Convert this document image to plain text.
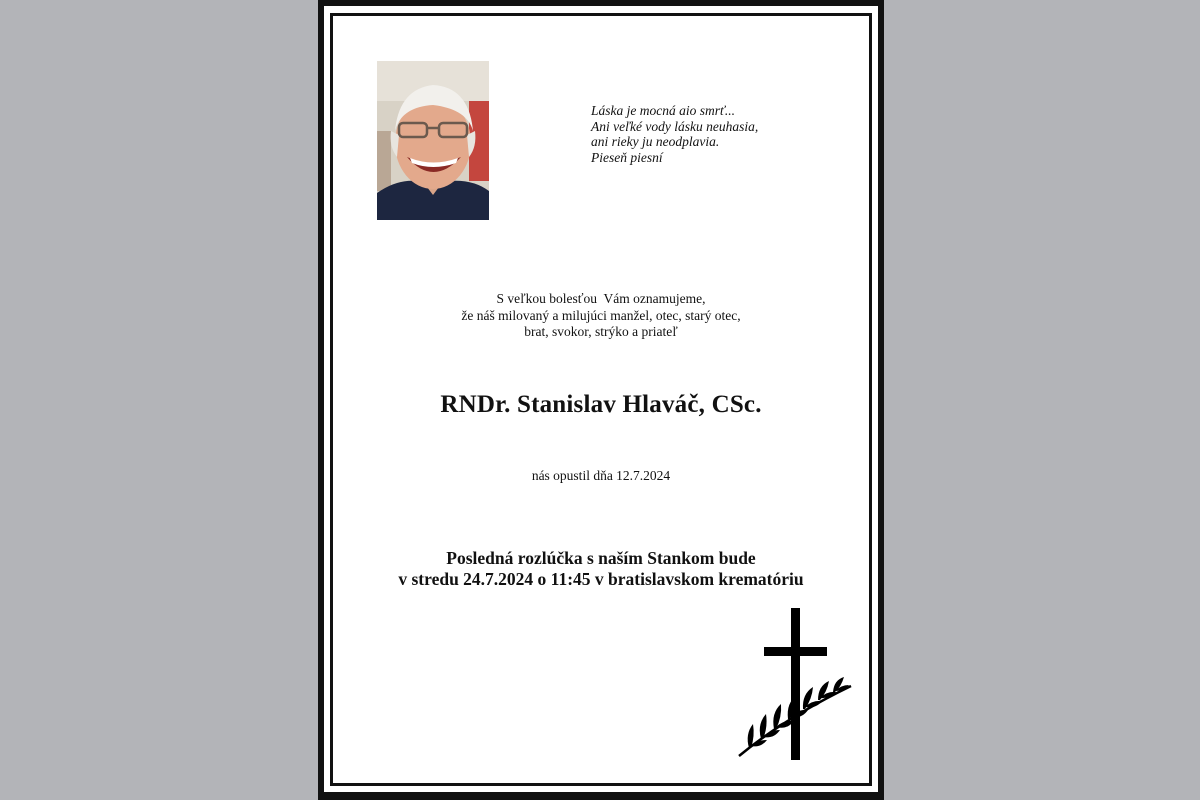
Láska je mocná aio smrť...
Ani veľké vody lásku neuhasia,
ani rieky ju neodplavia.
Pieseň piesní
S veľkou bolesťou  Vám oznamujeme,
že náš milovaný a milujúci manžel, otec, starý otec,
brat, svokor, strýko a priateľ
RNDr. Stanislav Hlaváč, CSc.
nás opustil dňa 12.7.2024
Posledná rozlúčka s naším Stankom bude
v stredu 24.7.2024 o 11:45 v bratislavskom krematóriu
